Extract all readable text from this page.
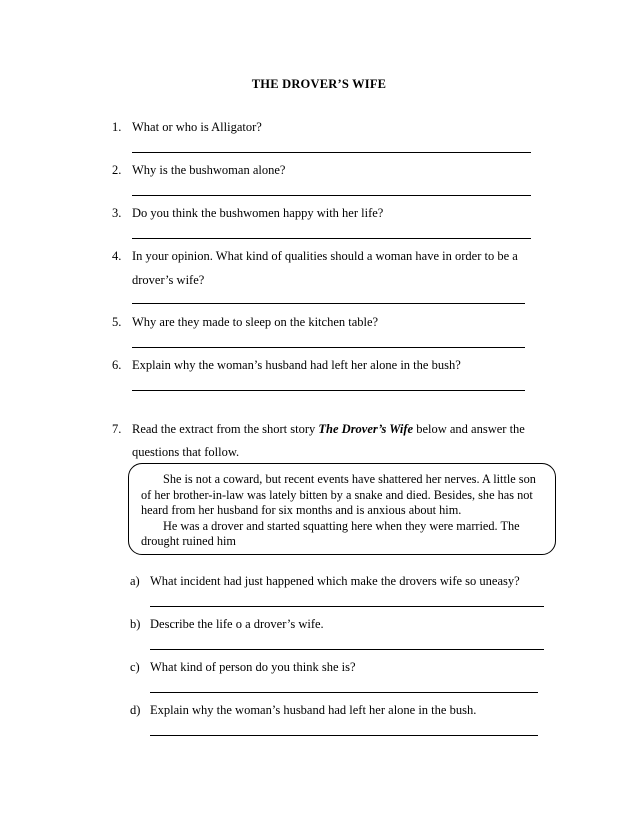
THE DROVER’S WIFE
1. What or who is Alligator?
2. Why is the bushwoman alone?
3. Do you think the bushwomen happy with her life?
4. In your opinion. What kind of qualities should a woman have in order to be a
drover’s wife?
5. Why are they made to sleep on the kitchen table?
6. Explain why the woman’s husband had left her alone in the bush?
7. Read the extract from the short story The Drover’s Wife below and answer the
questions that follow.

She is not a coward, but recent events have shattered her nerves. A little son of her brother-in-law was lately bitten by a snake and died. Besides, she has not heard from her husband for six months and is anxious about him.

He was a drover and started squatting here when they were married. The drought ruined him

a) What incident had just happened which make the drovers wife so uneasy?
b) Describe the life o a drover’s wife.
c) What kind of person do you think she is?
d) Explain why the woman’s husband had left her alone in the bush.
